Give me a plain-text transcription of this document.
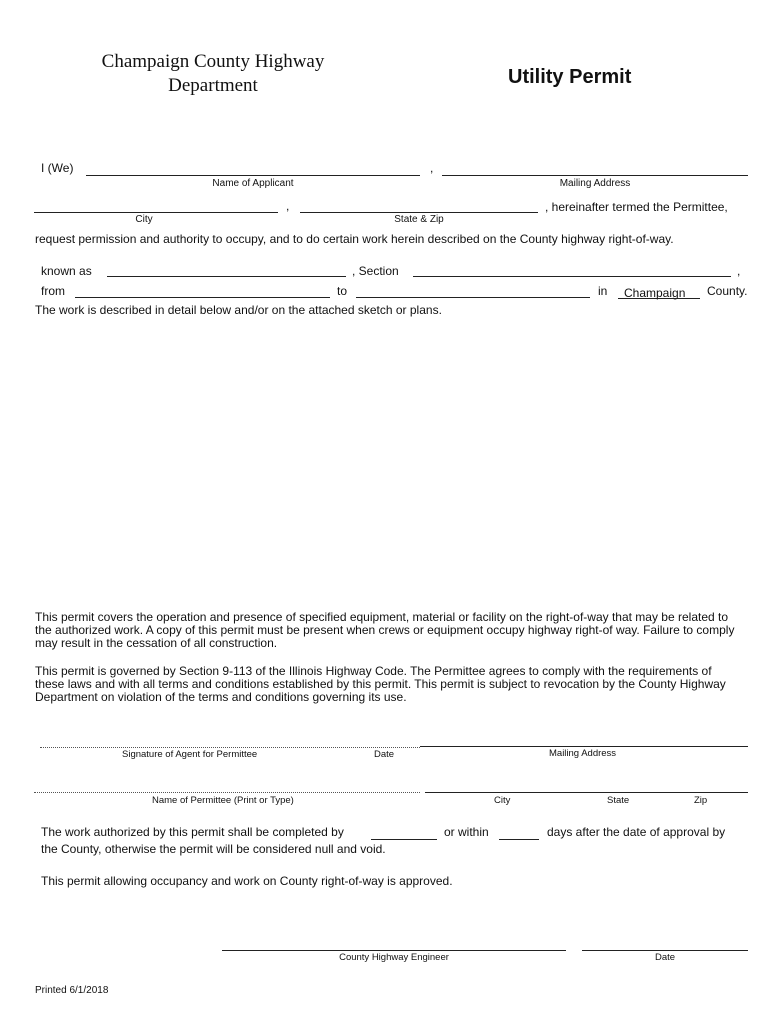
Champaign County Highway
Department	Utility Permit
I (We)	,
Name of Applicant	Mailing Address
,	, hereinafter termed the Permittee,
City	State & Zip
request permission and authority to occupy, and to do certain work herein described on the County highway right-of-way.
known as	, Section	,
from	to	in Champaign County.
The work is described in detail below and/or on the attached sketch or plans.
This permit covers the operation and presence of specified equipment, material or facility on the right-of-way that may be related to the authorized work. A copy of this permit must be present when crews or equipment occupy highway right-of way. Failure to comply may result in the cessation of all construction.
This permit is governed by Section 9-113 of the Illinois Highway Code. The Permittee agrees to comply with the requirements of these laws and with all terms and conditions established by this permit. This permit is subject to revocation by the County Highway Department on violation of the terms and conditions governing its use.
Signature of Agent for Permittee	Date	Mailing Address
Name of Permittee (Print or Type)	City	State	Zip
The work authorized by this permit shall be completed by	or within	days after the date of approval by
the County, otherwise the permit will be considered null and void.
This permit allowing occupancy and work on County right-of-way is approved.
County Highway Engineer	Date
Printed 6/1/2018
